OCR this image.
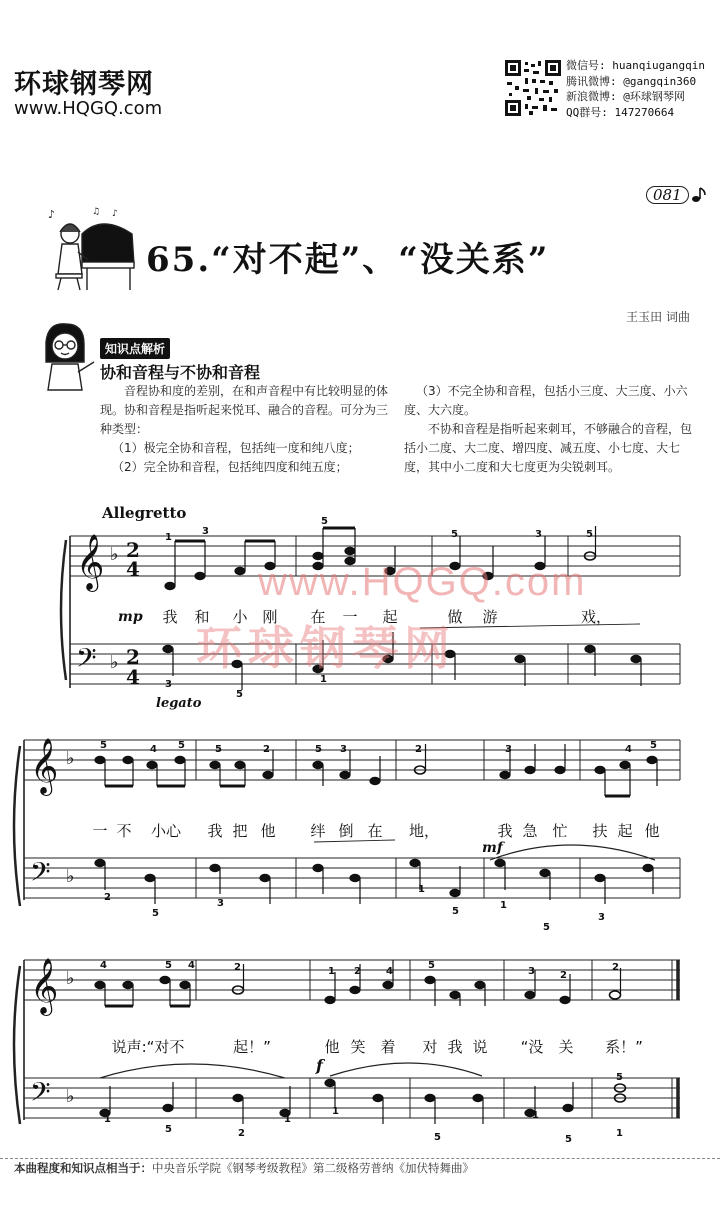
环球钢琴网
www.HQGQ.com
微信号: huanqiugangqin
腾讯微博: @gangqin360
新浪微博: @环球钢琴网
QQ群号: 147270664
081
♪	♫ ♪
65.“对不起”、“没关系”
王玉田 词曲
知识点解析
协和音程与不协和音程

音程协和度的差别，在和声音程中有比较明显的体现。协和音程是指听起来悦耳、融合的音程。可分为三种类型：

（1）极完全协和音程，包括纯一度和纯八度；

（2）完全协和音程，包括纯四度和纯五度；

（3）不完全协和音程，包括小三度、大三度、小六度、大六度。

不协和音程是指听起来刺耳，不够融合的音程，包括小二度、大二度、增四度、减五度、小七度、大七度，其中小二度和大七度更为尖锐刺耳。

Allegretto
𝄞
𝄢
♭
♭
2
4
2
4
𝄞
𝄢
♭
♭
𝄞
𝄢
♭
♭
1
3
5
5	3	5
3
5
1
5	4 5	5	2	5 3	2	3	4 5
2
5
3
5
1
1
5
3
4	5 4	2	1 2	4
5
3	2
2
1
5	2
1
1
5
1
5
1
5
mp
legato
mf
f
www.HQGQ.com
环球钢琴网
我 和 小 刚 在 一 起	做 游	戏，
一 不 小心 我 把 他 绊 倒 在 地，	我 急 忙 扶 起 他
说声:“对不	起！”	他 笑 着 对 我 说 “没 关 系！”
本曲程度和知识点相当于：中央音乐学院《钢琴考级教程》第二级格劳普纳《加伏特舞曲》
